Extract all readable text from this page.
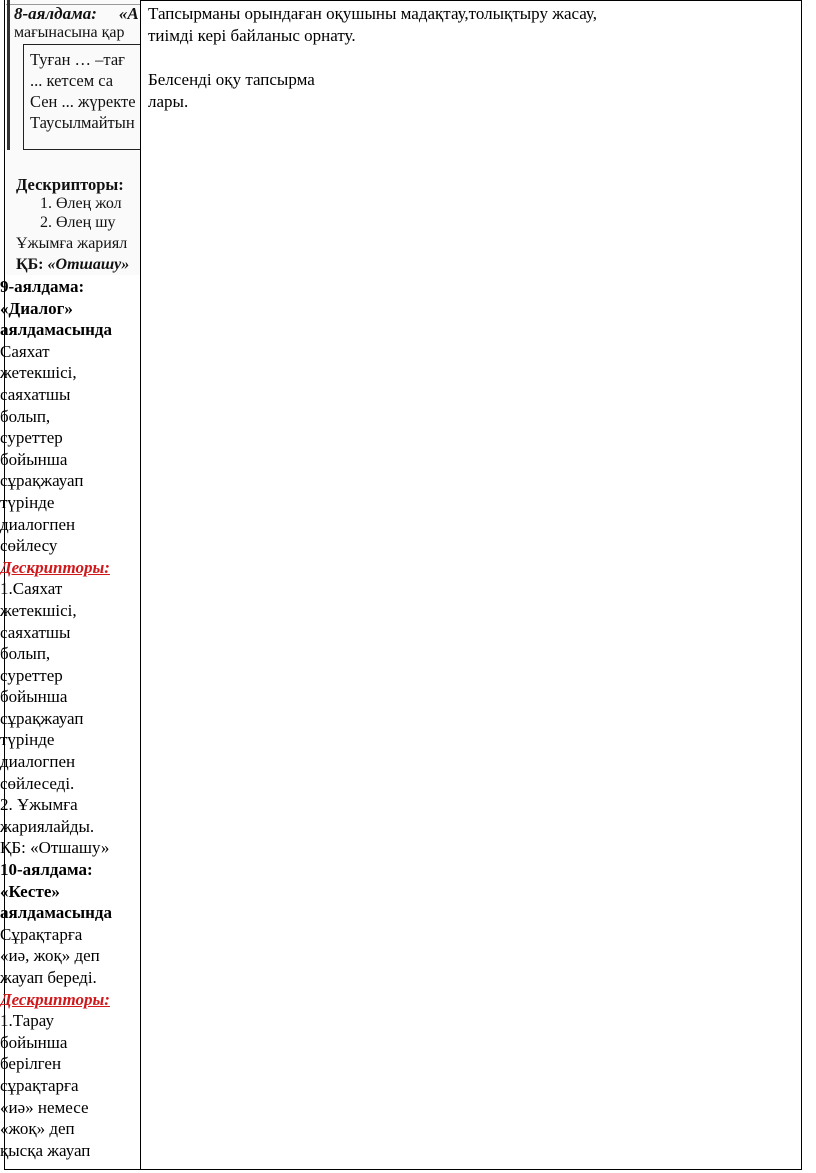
8-аялдама: «А
мағынасына қар
Туған … –тағ
... кетсем са
Сен ... жүректе
Таусылмайтын
Дескрипторы:
1. Өлең жол
2. Өлең шу
Ұжымға жариял
ҚБ: «Отшашу»
9-аялдама:
«Диалог»
аялдамасында
Саяхат
жетекшісі,
саяхатшы
болып,
суреттер
бойынша
сұрақжауап
түрінде
диалогпен
сөйлесу
Дескрипторы:
1.Саяхат
жетекшісі,
саяхатшы
болып,
суреттер
бойынша
сұрақжауап
түрінде
диалогпен
сөйлеседі.
2. Ұжымға
жариялайды.
ҚБ: «Отшашу»
10-аялдама:
«Кесте»
аялдамасында
Сұрақтарға
«иә, жоқ» деп
жауап береді.
Дескрипторы:
1.Тарау
бойынша
берілген
сұрақтарға
«иә» немесе
«жоқ» деп
қысқа жауап
Тапсырманы орындаған оқушыны мадақтау,толықтыру жасау,
тиімді кері байланыс орнату.
Белсенді оқу тапсырма
лары.
